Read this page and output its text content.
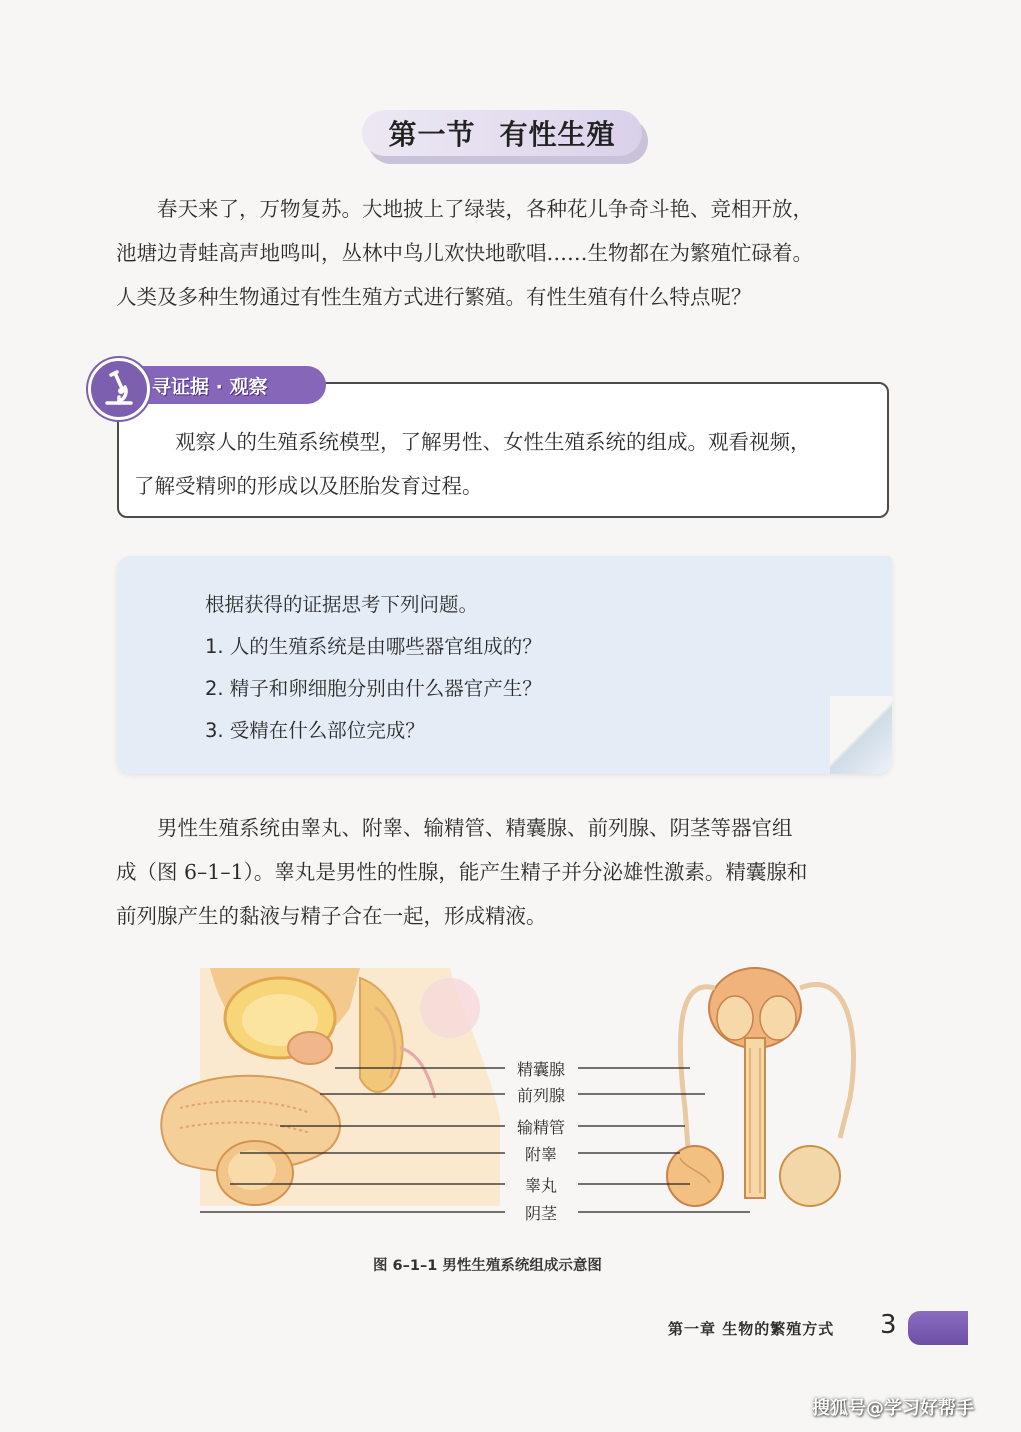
第一节 有性生殖

春天来了，万物复苏。大地披上了绿装，各种花儿争奇斗艳、竞相开放，

池塘边青蛙高声地鸣叫，丛林中鸟儿欢快地歌唱……生物都在为繁殖忙碌着。

人类及多种生物通过有性生殖方式进行繁殖。有性生殖有什么特点呢？

寻证据 · 观察

观察人的生殖系统模型，了解男性、女性生殖系统的组成。观看视频，

了解受精卵的形成以及胚胎发育过程。

根据获得的证据思考下列问题。
1. 人的生殖系统是由哪些器官组成的？
2. 精子和卵细胞分别由什么器官产生？
3. 受精在什么部位完成？

男性生殖系统由睾丸、附睾、输精管、精囊腺、前列腺、阴茎等器官组

成（图 6–1–1）。睾丸是男性的性腺，能产生精子并分泌雄性激素。精囊腺和

前列腺产生的黏液与精子合在一起，形成精液。

精囊腺
前列腺
输精管
附睾
睾丸
阴茎
图 6–1–1 男性生殖系统组成示意图
第一章 生物的繁殖方式 3
搜狐号@学习好帮手
